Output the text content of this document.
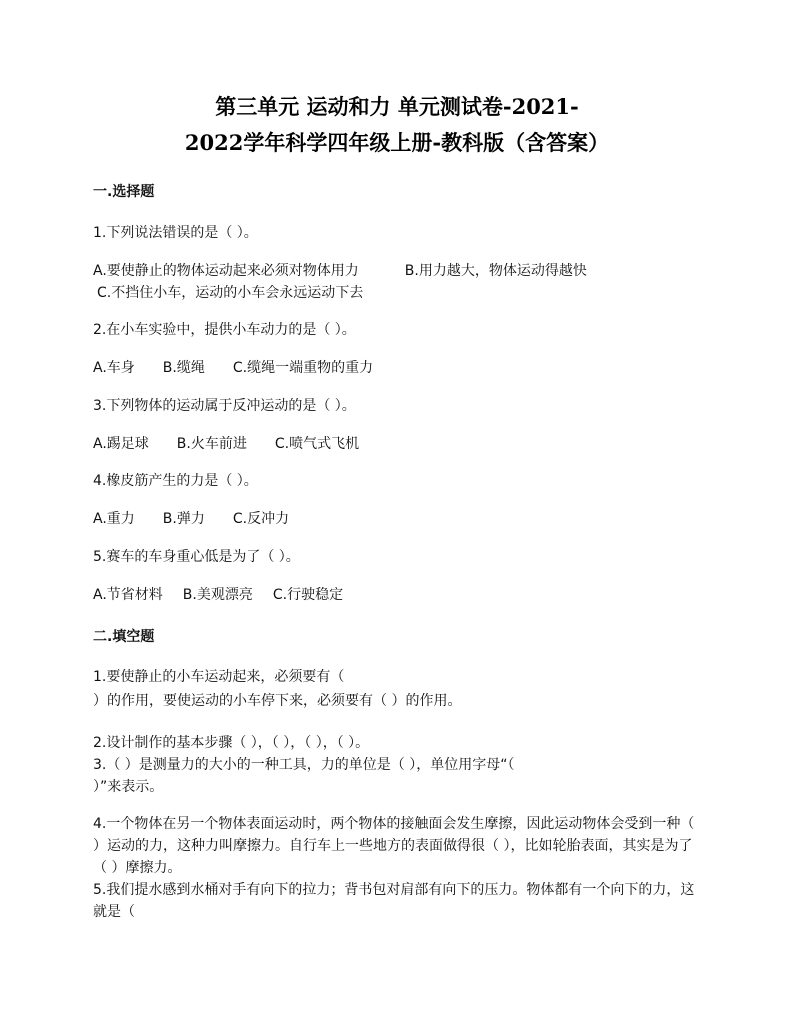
第三单元 运动和力 单元测试卷-2021-
2022学年科学四年级上册-教科版（含答案）
一.选择题
1.下列说法错误的是（ ）。
A.要使静止的物体运动起来必须对物体用力	B.用力越大，物体运动得越快
C.不挡住小车，运动的小车会永远运动下去
2.在小车实验中，提供小车动力的是（ ）。
A.车身 B.缆绳 C.缆绳一端重物的重力
3.下列物体的运动属于反冲运动的是（ ）。
A.踢足球 B.火车前进 C.喷气式飞机
4.橡皮筋产生的力是（ ）。
A.重力 B.弹力 C.反冲力
5.赛车的车身重心低是为了（ ）。
A.节省材料 B.美观漂亮 C.行驶稳定
二.填空题
1.要使静止的小车运动起来，必须要有（
）的作用，要使运动的小车停下来，必须要有（ ）的作用。
2.设计制作的基本步骤（ ），（ ），（ ），（ ）。
3.（ ）是测量力的大小的一种工具，力的单位是（ ），单位用字母“（
）”来表示。
4.一个物体在另一个物体表面运动时，两个物体的接触面会发生摩擦，因此运动物体会受到一种（ ）运动的力，这种力叫摩擦力。自行车上一些地方的表面做得很（ ），比如轮胎表面，其实是为了（ ）摩擦力。
5.我们提水感到水桶对手有向下的拉力；背书包对肩部有向下的压力。物体都有一个向下的力，这就是（
